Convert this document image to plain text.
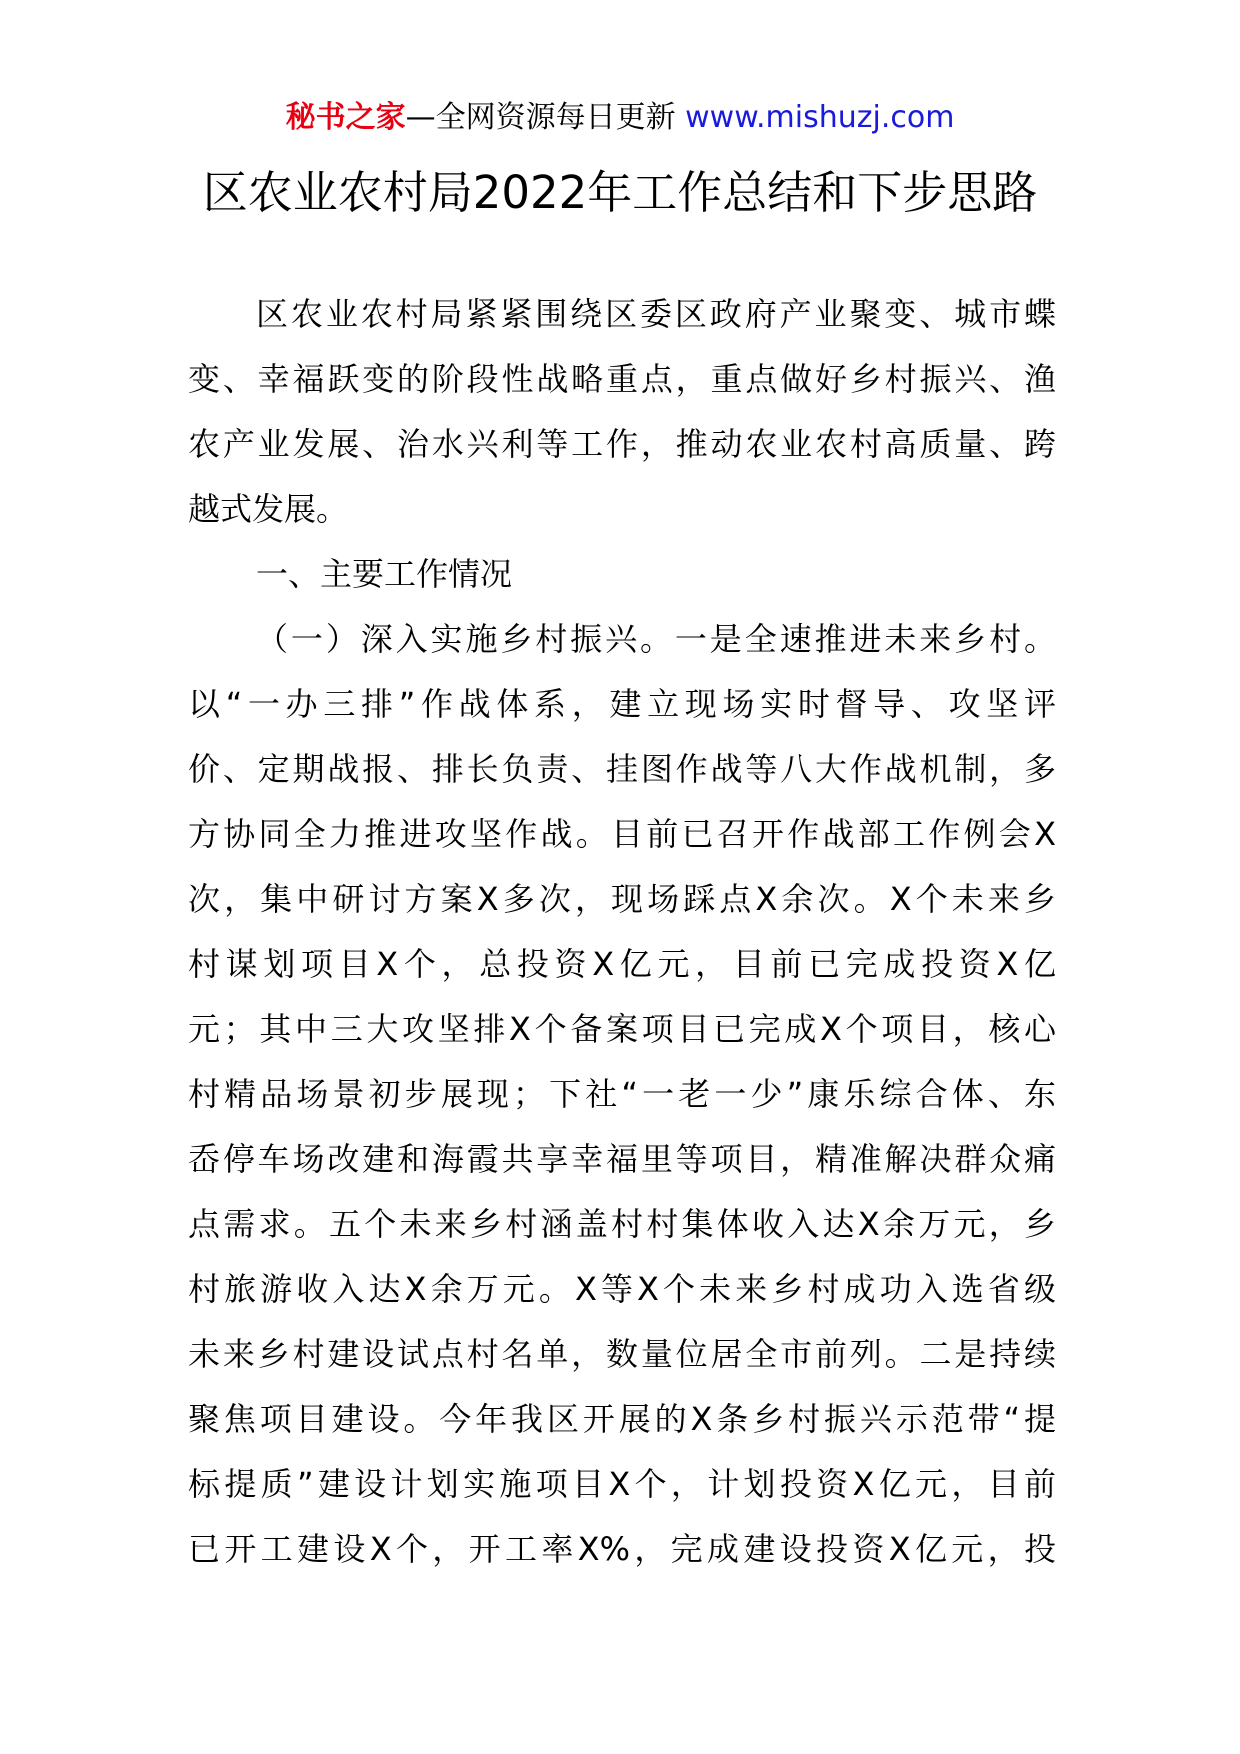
秘书之家—全网资源每日更新 www.mishuzj.com
区农业农村局2022年工作总结和下步思路
区农业农村局紧紧围绕区委区政府产业聚变、城市蝶
变、幸福跃变的阶段性战略重点，重点做好乡村振兴、渔
农产业发展、治水兴利等工作，推动农业农村高质量、跨
越式发展。
一、主要工作情况
（一）深入实施乡村振兴。一是全速推进未来乡村。
以“一办三排”作战体系，建立现场实时督导、攻坚评
价、定期战报、排长负责、挂图作战等八大作战机制，多
方协同全力推进攻坚作战。目前已召开作战部工作例会X
次，集中研讨方案X多次，现场踩点X余次。X个未来乡
村谋划项目X个，总投资X亿元，目前已完成投资X亿
元；其中三大攻坚排X个备案项目已完成X个项目，核心
村精品场景初步展现；下社“一老一少”康乐综合体、东
岙停车场改建和海霞共享幸福里等项目，精准解决群众痛
点需求。五个未来乡村涵盖村村集体收入达X余万元，乡
村旅游收入达X余万元。X等X个未来乡村成功入选省级
未来乡村建设试点村名单，数量位居全市前列。二是持续
聚焦项目建设。今年我区开展的X条乡村振兴示范带“提
标提质”建设计划实施项目X个，计划投资X亿元，目前
已开工建设X个，开工率X%，完成建设投资X亿元，投
